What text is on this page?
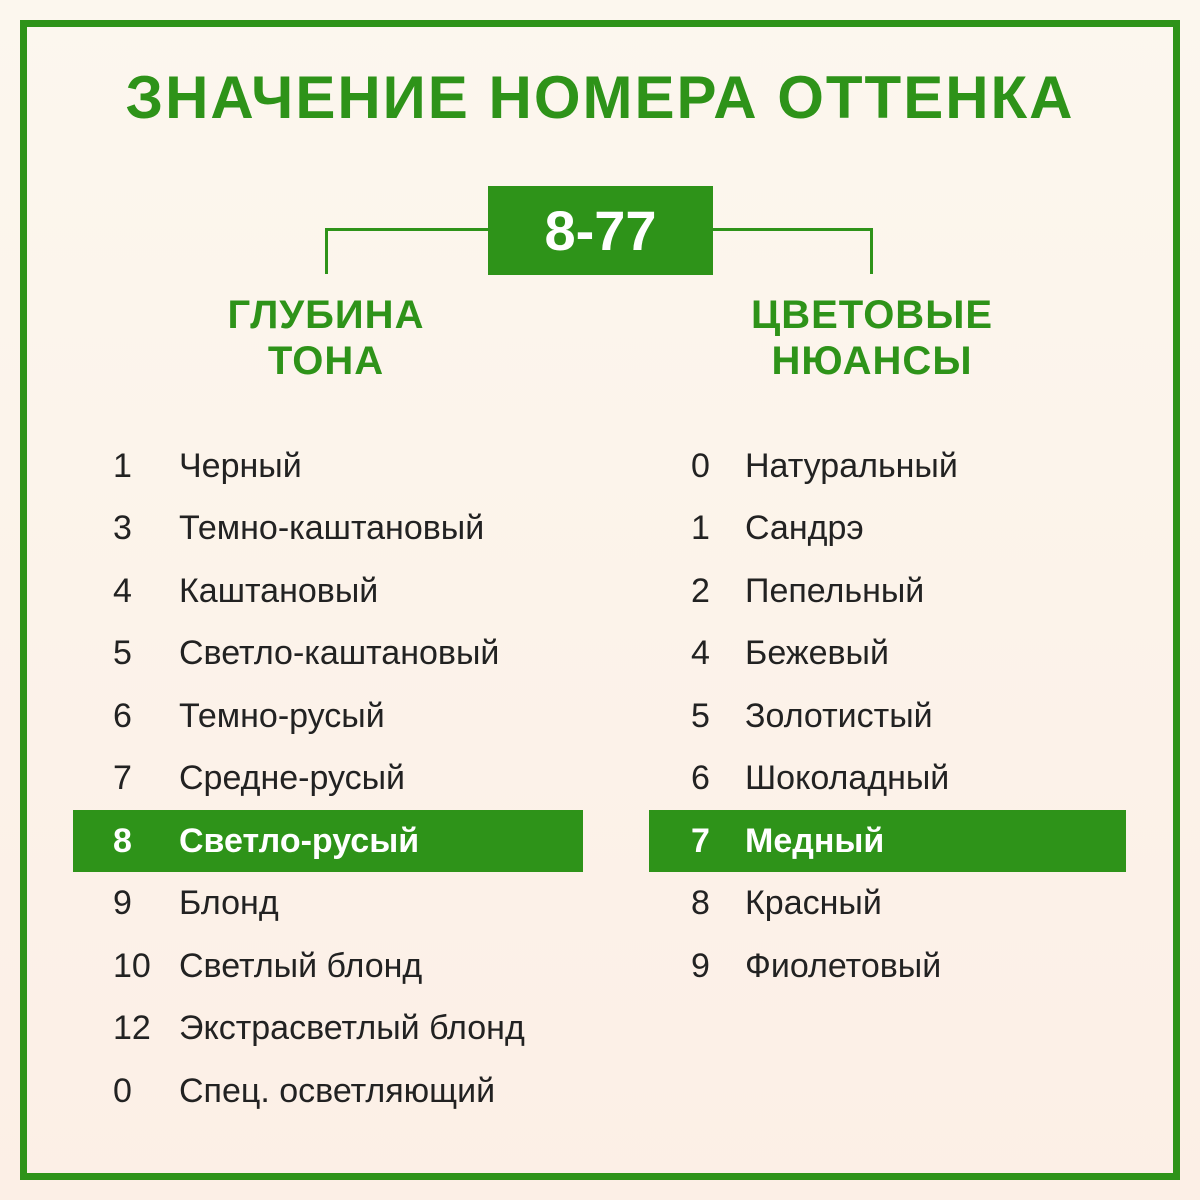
ЗНАЧЕНИЕ НОМЕРА ОТТЕНКА
8-77
ГЛУБИНА
ТОНА
ЦВЕТОВЫЕ
НЮАНСЫ
1 Черный
3 Темно-каштановый
4 Каштановый
5 Светло-каштановый
6 Темно-русый
7 Средне-русый
8 Светло-русый
9 Блонд
10 Светлый блонд
12 Экстрасветлый блонд
0 Спец. осветляющий
0 Натуральный
1 Сандрэ
2 Пепельный
4 Бежевый
5 Золотистый
6 Шоколадный
7 Медный
8 Красный
9 Фиолетовый
